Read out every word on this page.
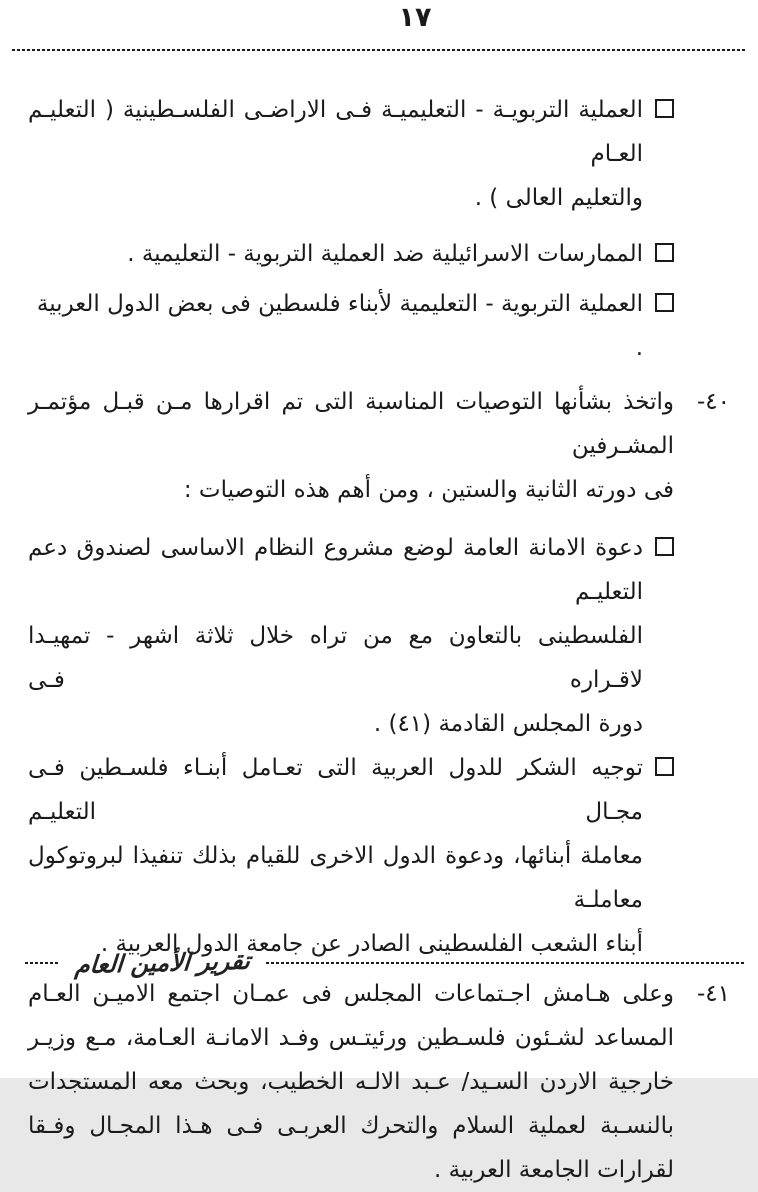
١٧
العملية التربويـة - التعليميـة فـى الاراضـى الفلسـطينية ( التعليـم العـام
والتعليم العالى ) .
الممارسات الاسرائيلية ضد العملية التربوية - التعليمية .
العملية التربوية - التعليمية لأبناء فلسطين فى بعض الدول العربية .
٤٠-
واتخذ بشأنها التوصيات المناسبة التى تم اقرارها مـن قبـل مؤتمـر المشـرفين
فى دورته الثانية والستين ، ومن أهم هذه التوصيات :
دعوة الامانة العامة لوضع مشروع النظام الاساسى لصندوق دعم التعليـم
الفلسطينى بالتعاون مع من تراه خلال ثلاثة اشهر - تمهيـدا لاقـراره فـى
دورة المجلس القادمة (٤١) .
توجيه الشكر للدول العربية التى تعـامل أبنـاء فلسـطين فـى مجـال التعليـم
معاملة أبنائها، ودعوة الدول الاخرى للقيام بذلك تنفيذا لبروتوكول معاملـة
أبناء الشعب الفلسطينى الصادر عن جامعة الدول العربية .
٤١-
وعلى هـامش اجـتماعات المجلس فى عمـان اجتمع الاميـن العـام
المساعد لشـئون فلسـطين ورئيتـس وفـد الامانـة العـامة، مـع وزيـر
خارجية الاردن السـيد/ عـبد الالـه الخطيب، وبحث معه المستجدات
بالنسـبة لعملية السلام والتحرك العربـى فـى هـذا المجـال وفـقا
لقرارات الجامعة العربية .
تقرير الأمين العام
